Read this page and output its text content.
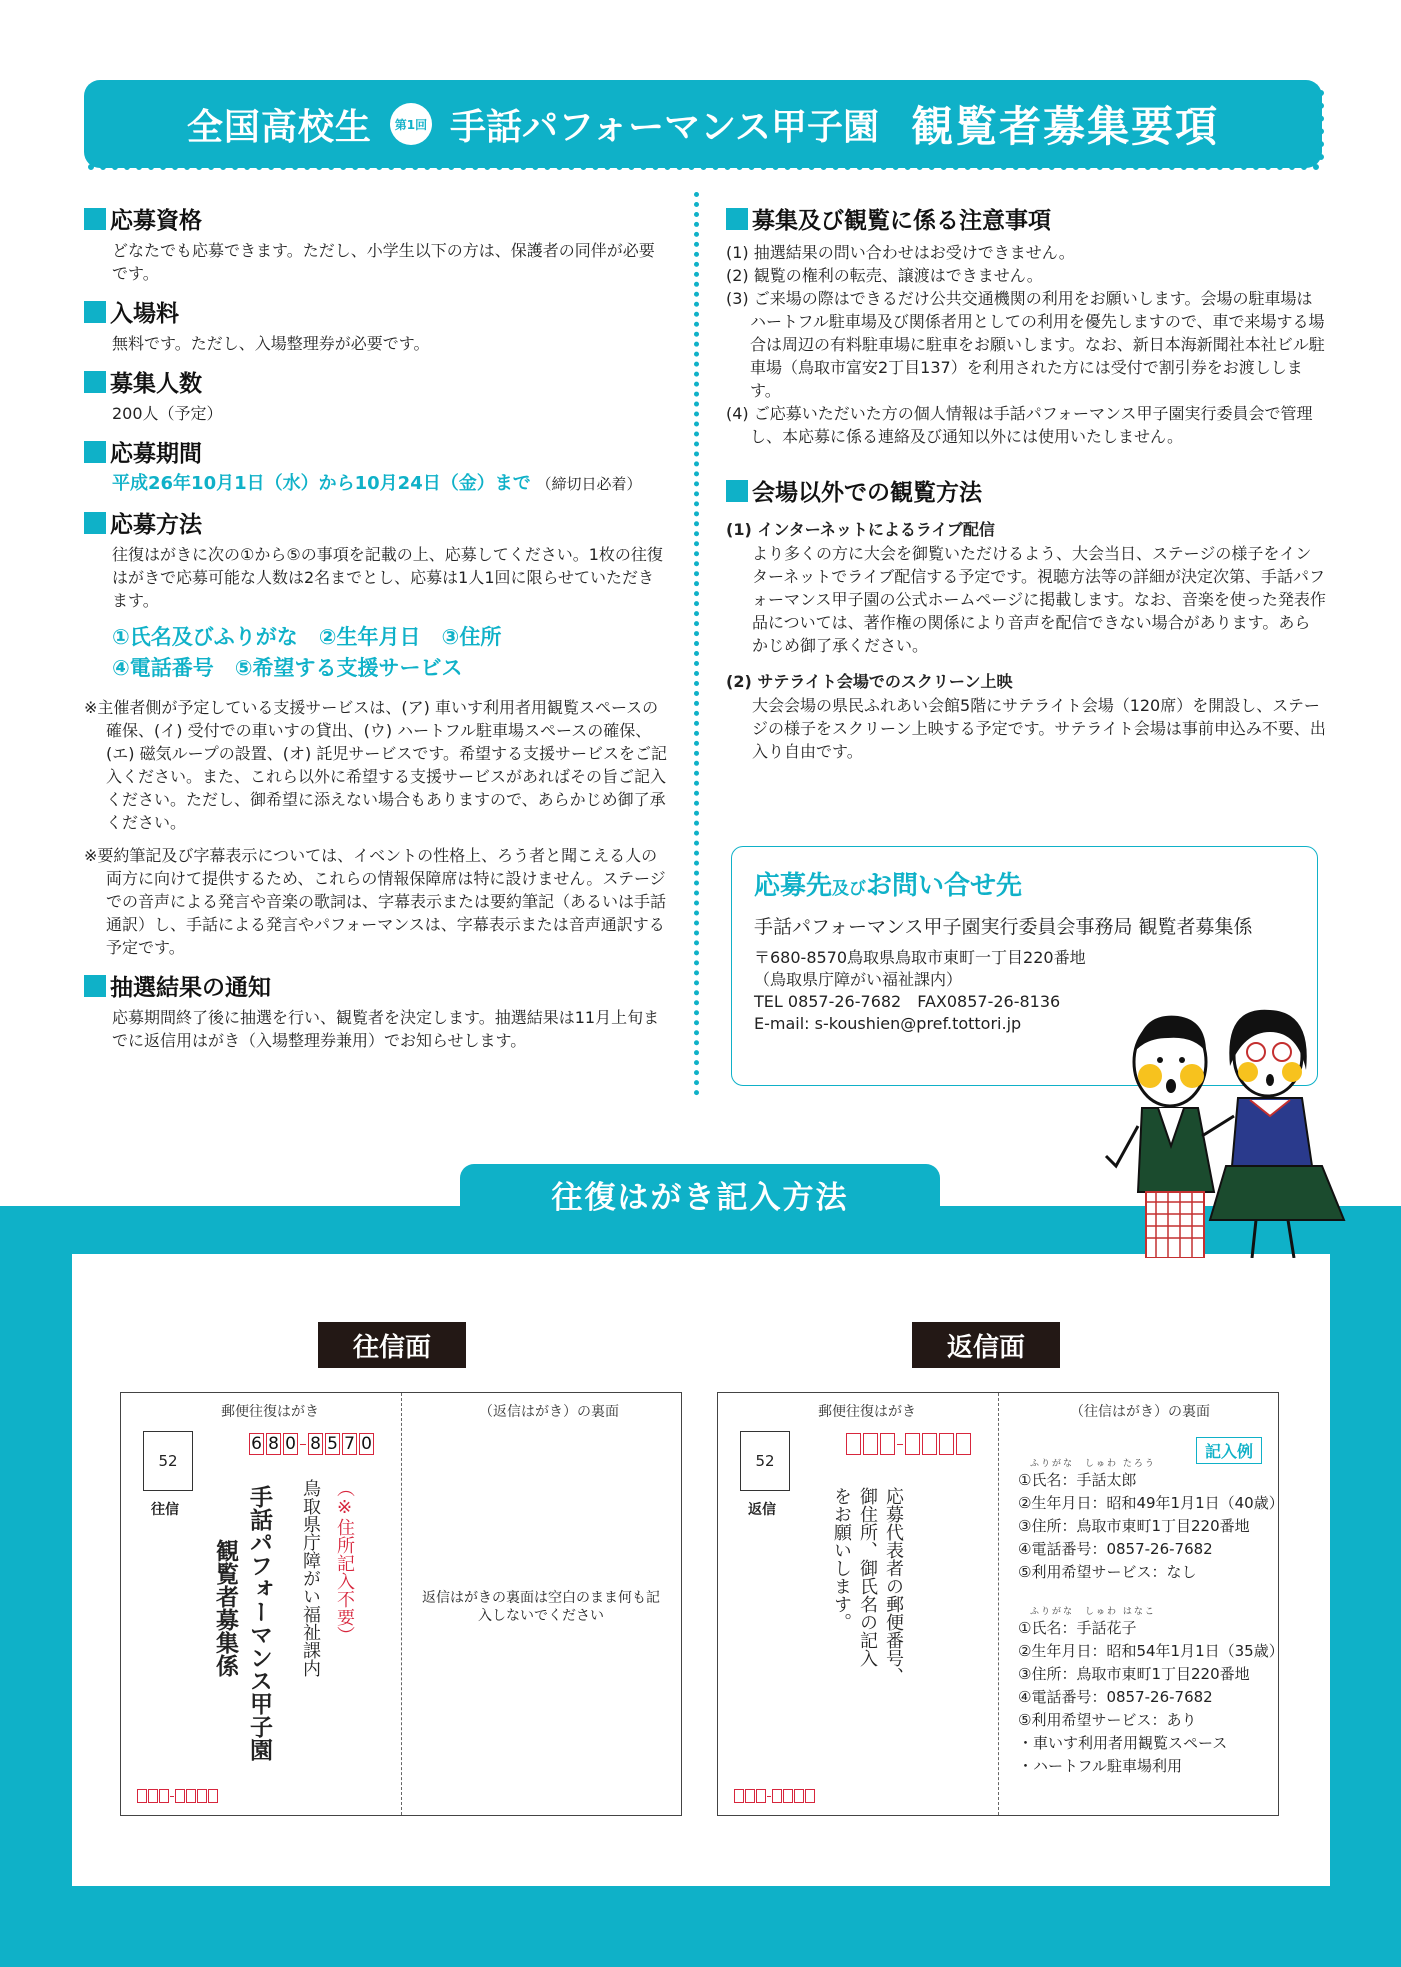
全国高校生	第1回 手話パフォーマンス甲子園 観覧者募集要項
応募資格
どなたでも応募できます。ただし、小学生以下の方は、保護者の同伴が必要です。
入場料
無料です。ただし、入場整理券が必要です。
募集人数
200人（予定）
応募期間
平成26年10月1日（水）から10月24日（金）まで （締切日必着）
応募方法
往復はがきに次の①から⑤の事項を記載の上、応募してください。1枚の往復はがきで応募可能な人数は2名までとし、応募は1人1回に限らせていただきます。
①氏名及びふりがな　②生年月日　③住所
④電話番号　⑤希望する支援サービス
※主催者側が予定している支援サービスは、(ア) 車いす利用者用観覧スペースの確保、(イ) 受付での車いすの貸出、(ウ) ハートフル駐車場スペースの確保、(エ) 磁気ループの設置、(オ) 託児サービスです。希望する支援サービスをご記入ください。また、これら以外に希望する支援サービスがあればその旨ご記入ください。ただし、御希望に添えない場合もありますので、あらかじめ御了承ください。
※要約筆記及び字幕表示については、イベントの性格上、ろう者と聞こえる人の両方に向けて提供するため、これらの情報保障席は特に設けません。ステージでの音声による発言や音楽の歌詞は、字幕表示または要約筆記（あるいは手話通訳）し、手話による発言やパフォーマンスは、字幕表示または音声通訳する予定です。
抽選結果の通知
応募期間終了後に抽選を行い、観覧者を決定します。抽選結果は11月上旬までに返信用はがき（入場整理券兼用）でお知らせします。
募集及び観覧に係る注意事項
(1) 抽選結果の問い合わせはお受けできません。
(2) 観覧の権利の転売、譲渡はできません。
(3) ご来場の際はできるだけ公共交通機関の利用をお願いします。会場の駐車場はハートフル駐車場及び関係者用としての利用を優先しますので、車で来場する場合は周辺の有料駐車場に駐車をお願いします。なお、新日本海新聞社本社ビル駐車場（鳥取市富安2丁目137）を利用された方には受付で割引券をお渡しします。
(4) ご応募いただいた方の個人情報は手話パフォーマンス甲子園実行委員会で管理し、本応募に係る連絡及び通知以外には使用いたしません。
会場以外での観覧方法
(1) インターネットによるライブ配信
より多くの方に大会を御覧いただけるよう、大会当日、ステージの様子をインターネットでライブ配信する予定です。視聴方法等の詳細が決定次第、手話パフォーマンス甲子園の公式ホームページに掲載します。なお、音楽を使った発表作品については、著作権の関係により音声を配信できない場合があります。あらかじめ御了承ください。
(2) サテライト会場でのスクリーン上映
大会会場の県民ふれあい会館5階にサテライト会場（120席）を開設し、ステージの様子をスクリーン上映する予定です。サテライト会場は事前申込み不要、出入り自由です。
応募先及びお問い合せ先
手話パフォーマンス甲子園実行委員会事務局 観覧者募集係
〒680-8570鳥取県鳥取市東町一丁目220番地
（鳥取県庁障がい福祉課内）
TEL 0857-26-7682　FAX0857-26-8136
E-mail: s-koushien@pref.tottori.jp
往復はがき記入方法
往信面
郵便往復はがき	（返信はがき）の裏面
52
往信
6 8 0 8 5 7 0
（※住所記入不要）
鳥取県庁障がい福祉課内
手話パフォーマンス甲子園
観覧者募集係	返信はがきの裏面は空白のまま何も記入しないでください
返信面
郵便往復はがき	（往信はがき）の裏面
52
返信	応募代表者の郵便番号、
御住所、御氏名の記入
をお願いします。
記入例
ふりがな　しゅわ たろう
①氏名：手話太郎
②生年月日：昭和49年1月1日（40歳）
③住所：鳥取市東町1丁目220番地
④電話番号：0857-26-7682
⑤利用希望サービス：なし
ふりがな　しゅわ はなこ
①氏名：手話花子
②生年月日：昭和54年1月1日（35歳）
③住所：鳥取市東町1丁目220番地
④電話番号：0857-26-7682
⑤利用希望サービス：あり
・車いす利用者用観覧スペース
・ハートフル駐車場利用
